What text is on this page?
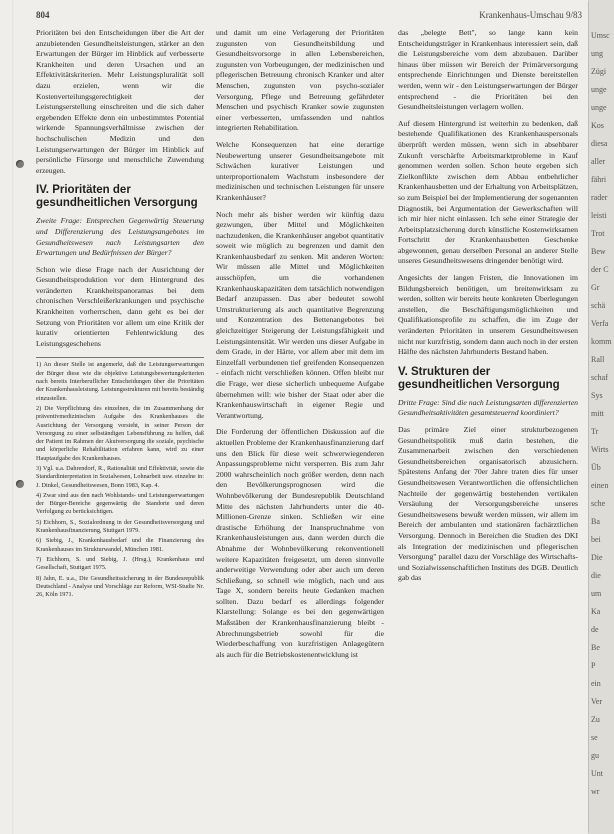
804	Krankenhaus-Umschau 9/83

Prioritäten bei den Entscheidungen über die Art der anzubietenden Gesundheitsleistungen, stärker an den Erwartungen der Bürger im Hinblick auf verbesserte Krankheiten und deren Ursachen und an Effektivitätskriterien. Mehr Leistungspluralität soll dazu erzielen, wenn wir die Kostenverteilungsgerechtigkeit der Leistungserstellung einschreiten und die sich daher ergebenden Effekte denn ein unbestimmtes Potential wirkende Spannungsverhältnisse zwischen der hochschulischen Medizin und den Leistungserwartungen der Bürger im Hinblick auf persönliche Fürsorge und menschliche Zuwendung erzeugen.

IV. Prioritäten der gesundheitlichen Versorgung

Zweite Frage: Entsprechen Gegenwärtig Steuerung und Differenzierung des Leistungsangebotes im Gesundheitswesen nach Leistungsarten den Erwartungen und Bedürfnissen der Bürger?

Schon wie diese Frage nach der Ausrichtung der Gesundheitsproduktion vor dem Hintergrund des veränderten Krankheitspanoramas bei dem chronischen Verschleißerkrankungen und psychische Krankheiten vorherrschen, dann geht es bei der Setzung von Prioritäten vor allem um eine Kritik der kurativ orientierten Fehlentwicklung des Leistungsgeschehens

1) An dieser Stelle ist angemerkt, daß die Leistungserwartungen der Bürger diese wie die objektive Leistungsbewertungskriterien nach bereits Interberuflicher Entscheidungen über die Prioritäten der Krankenhausleistung. Leistungsstrukturen mit bereits beständig einzustellen.

2) Die Verpflichtung des einzelnen, die im Zusammenhang der präventivmedizinischen Aufgabe des Krankenhauses die Ausrichtung der Versorgung vorsieht, in seiner Person der Versorgung zu einer selbständigen Lebensführung zu helfen, daß der Patient im Rahmen der Akutversorgung die soziale, psychische und körperliche Rehabilitation erfahren kann, wird zu einer Hauptaufgabe des Krankenhauses.

3) Vgl. u.a. Dahrendorf, R., Rationalität und Effektivität, sowie die Standardinterpretation in Sozialwesen, Lohnarbeit usw. einzelne in: J. Dinkel, Gesundheitswesen, Bonn 1983, Kap. 4.

4) Zwar sind aus den nach Wohlstands- und Leistungserwartungen der Bürger-Bereiche gegenwärtig die Standorte und deren Verfolgung zu berücksichtigen.

5) Eichhorn, S., Sozialordnung in der Gesundheitsversorgung und Krankenhausfinanzierung, Stuttgart 1979.

6) Siebig, J., Krankenhausbedarf und die Finanzierung des Krankenhauses im Strukturwandel, München 1981.

7) Eichhorn, S. und Siebig, J. (Hrsg.), Krankenhaus und Gesellschaft, Stuttgart 1975.

8) Jahn, E. u.a., Die Gesundheitssicherung in der Bundesrepublik Deutschland - Analyse und Vorschläge zur Reform, WSI-Studie Nr. 26, Köln 1971.

und damit um eine Verlagerung der Prioritäten zugunsten von Gesundheitsbildung und Gesundheitsvorsorge in allen Lebensbereichen, zugunsten von Vorbeugungen, der medizinischen und pflegerischen Betreuung chronisch Kranker und alter Menschen, zugunsten von psycho-sozialer Versorgung, Pflege und Betreuung gefährdeter Menschen und psychisch Kranker sowie zugunsten einer verbesserten, umfassenden und nahtlos integrierten Rehabilitation.

Welche Konsequenzen hat eine derartige Neubewertung unserer Gesundheitsangebote mit Schwächen kurativer Leistungen und unterproportionalem Wachstum insbesondere der medizinischen und technischen Leistungen für unsere Krankenhäuser?

Noch mehr als bisher werden wir künftig dazu gezwungen, über Mittel und Möglichkeiten nachzudenken, die Krankenhäuser angebot quantitativ soweit wie möglich zu begrenzen und damit den Krankenhausbedarf zu senken. Mit anderen Worten: Wir müssen alle Mittel und Möglichkeiten ausschöpfen, um die vorhandenen Krankenhauskapazitäten dem tatsächlich notwendigen Bedarf anzupassen. Das aber bedeutet sowohl Umstrukturierung als auch quantitative Begrenzung und Konzentration des Bettenangebotes bei gleichzeitiger Steigerung der Leistungsfähigkeit und Leistungsintensität. Wir werden uns dieser Aufgabe in dem Grade, in der Härte, vor allem aber mit dem im Einzelfall verbundenen tief greifenden Konsequenzen - einfach nicht verschließen können. Offen bleibt nur die Frage, wer diese sicherlich unbequeme Aufgabe übernehmen will: wie bisher der Staat oder aber die Krankenhauswirtschaft in eigener Regie und Verantwortung.

Die Forderung der öffentlichen Diskussion auf die aktuellen Probleme der Krankenhausfinanzierung darf uns den Blick für diese weit schwerwiegenderen Anpassungsprobleme nicht versperren. Bis zum Jahr 2000 wahrscheinlich noch größer werden, denn nach den Bevölkerungsprognosen wird die Wohnbevölkerung der Bundesrepublik Deutschland Mitte des nächsten Jahrhunderts unter die 40-Millionen-Grenze sinken. Schließen wir eine drastische Erhöhung der Inanspruchnahme von Krankenhausleistungen aus, dann werden durch die Abnahme der Wohnbevölkerung rekonventionell weitere Kapazitäten freigesetzt, um deren sinnvolle anderweitige Verwendung oder aber auch um deren Schließung, so schnell wie möglich, nach und aus Tage X, sondern bereits heute Gedanken machen sollten. Dazu bedarf es allerdings folgender Klarstellung: Solange es bei den gegenwärtigen Maßstäben der Krankenhausfinanzierung bleibt - Abrechnungsbetrieb sowohl für die Wiederbeschaffung von kurzfristigen Anlagegütern als auch für die Betriebskostenentwicklung ist

das „belegte Bett", so lange kann kein Entscheidungsträger in Krankenhaus interessiert sein, daß die Leistungsbereiche vom dem abzubauen. Darüber hinaus über müssen wir Bereich der Primärversorgung entsprechende Einrichtungen und Dienste bereitstellen werden, wenn wir - den Leistungserwartungen der Bürger entsprechend - die Prioritäten bei den Gesundheitsleistungen verlagern wollen.

Auf diesem Hintergrund ist weiterhin zu bedenken, daß bestehende Qualifikationen des Krankenhauspersonals überprüft werden müssen, wenn sich in absehbarer Zukunft verschärfte Arbeitsmarktprobleme in Kauf genommen werden sollen. Schon heute ergeben sich Zielkonflikte zwischen dem Abbau entbehrlicher Krankenhausbetten und der Erhaltung von Arbeitsplätzen, so zum Beispiel bei der Implementierung der sogenannten Diagnostik, bei Argumentation der Gewerkschaften will ich mir hier nicht einlassen. Ich sehe einer Strategie der Arbeitsplatzsicherung durch künstliche Kostenwirksamen Fortschritt der Krankenhausbetten Geschenke abgewonnen, genau derselben Personal an anderer Stelle unseres Gesundheitswesens dringender benötigt wird.

Angesichts der langen Fristen, die Innovationen im Bildungsbereich benötigen, um breitenwirksam zu werden, sollten wir bereits heute konkreten Überlegungen anstellen, die Beschäftigungsmöglichkeiten und Qualifikationsprofile zu schaffen, die im Zuge der veränderten Prioritäten in unserem Gesundheitswesen nicht nur kurzfristig, sondern dann auch noch in der ersten Hälfte des nächsten Jahrhunderts Bestand haben.

V. Strukturen der gesundheitlichen Versorgung

Dritte Frage: Sind die nach Leistungsarten differenzierten Gesundheitsaktivitäten gesamtsteuernd koordiniert?

Das primäre Ziel einer strukturbezogenen Gesundheitspolitik muß darin bestehen, die Zusammenarbeit zwischen den verschiedenen Gesundheitsbereichen organisatorisch abzusichern. Spätestens Anfang der 70er Jahre traten dies für unser Gesundheitswesen Verantwortlichen die offensichtlichen Nachteile der gegenwärtig bestehenden vertikalen Versäulung der Versorgungsbereiche unseres Gesundheitswesens bewußt werden müssen, wir allem im Bereich der ambulanten und stationären fachärztlichen Versorgung. Dennoch in Bereichen die Studien des DKI als Integration der medizinischen und pflegerischen Versorgung" parallel dazu der Vorschläge des Wirtschafts- und Sozialwissenschaftlichen Instituts des DGB. Deutlich gab das

Umsc
ung
Zügi
unge
unge
Kos
diesa
aller
fähri
rader
leisti
Trot
Bew
der C
Gr
schä
Verfa
komm
Rall
schaf
Sys
mitt
Tr
Wirts
Üb
einen
sche
Ba
bei
Die
die
um
Ka
de
Be
P
ein
Ver
Zu
se
gu
Unt
wr
